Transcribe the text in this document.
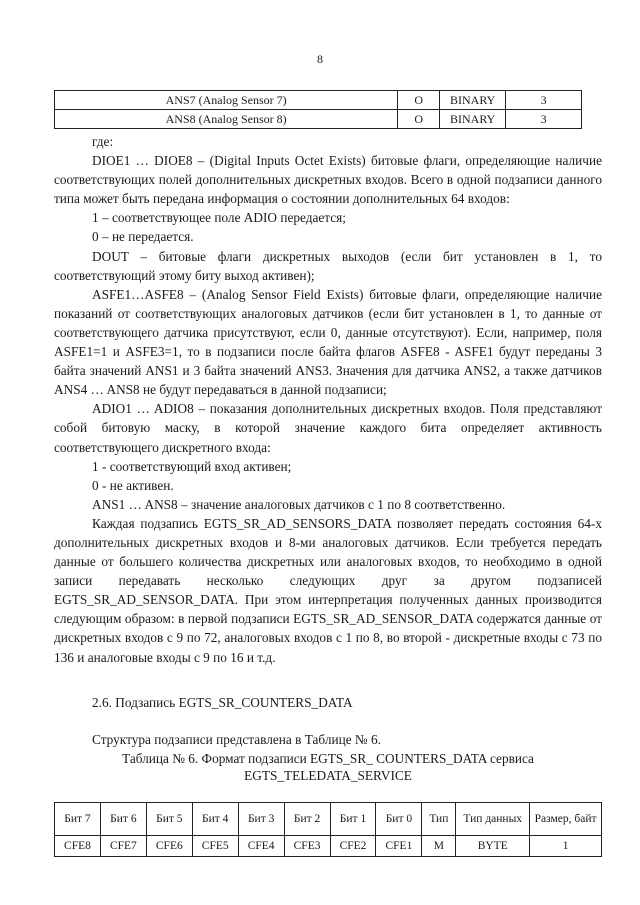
8
ANS7 (Analog Sensor 7)	O	BINARY	3
ANS8 (Analog Sensor 8)	O	BINARY	3

где:

DIOE1 … DIOE8 – (Digital Inputs Octet Exists) битовые флаги, определяющие наличие соответствующих полей дополнительных дискретных входов. Всего в одной подзаписи данного типа может быть передана информация о состоянии дополнительных 64 входов:

1 – соответствующее поле ADIO передается;

0 – не передается.

DOUT – битовые флаги дискретных выходов (если бит установлен в 1, то соответствующий этому биту выход активен);

ASFE1…ASFE8 – (Analog Sensor Field Exists) битовые флаги, определяющие наличие показаний от соответствующих аналоговых датчиков (если бит установлен в 1, то данные от соответствующего датчика присутствуют, если 0, данные отсутствуют). Если, например, поля ASFE1=1 и ASFE3=1, то в подзаписи после байта флагов ASFE8 - ASFE1 будут переданы 3 байта значений ANS1 и 3 байта значений ANS3. Значения для датчика ANS2, а также датчиков ANS4 … ANS8 не будут передаваться в данной подзаписи;

ADIO1 … ADIO8 – показания дополнительных дискретных входов. Поля представляют собой битовую маску, в которой значение каждого бита определяет активность соответствующего дискретного входа:

1 - соответствующий вход активен;

0 - не активен.

ANS1 … ANS8 – значение аналоговых датчиков с 1 по 8 соответственно.

Каждая подзапись EGTS_SR_AD_SENSORS_DATA позволяет передать состояния 64-х дополнительных дискретных входов и 8-ми аналоговых датчиков. Если требуется передать данные от большего количества дискретных или аналоговых входов, то необходимо в одной записи передавать несколько следующих друг за другом подзаписей EGTS_SR_AD_SENSOR_DATA. При этом интерпретация полученных данных производится следующим образом: в первой подзаписи EGTS_SR_AD_SENSOR_DATA содержатся данные от дискретных входов с 9 по 72, аналоговых входов с 1 по 8, во второй - дискретные входы с 73 по 136 и аналоговые входы с 9 по 16 и т.д.

2.6. Подзапись EGTS_SR_COUNTERS_DATA
Структура подзаписи представлена в Таблице № 6.
Таблица № 6. Формат подзаписи EGTS_SR_ COUNTERS_DATA сервиса
EGTS_TELEDATA_SERVICE
Бит 7	Бит 6	Бит 5	Бит 4	Бит 3	Бит 2	Бит 1	Бит 0	Тип	Тип данных	Размер, байт
CFE8	CFE7	CFE6	CFE5	CFE4	CFE3	CFE2	CFE1	M	BYTE	1
